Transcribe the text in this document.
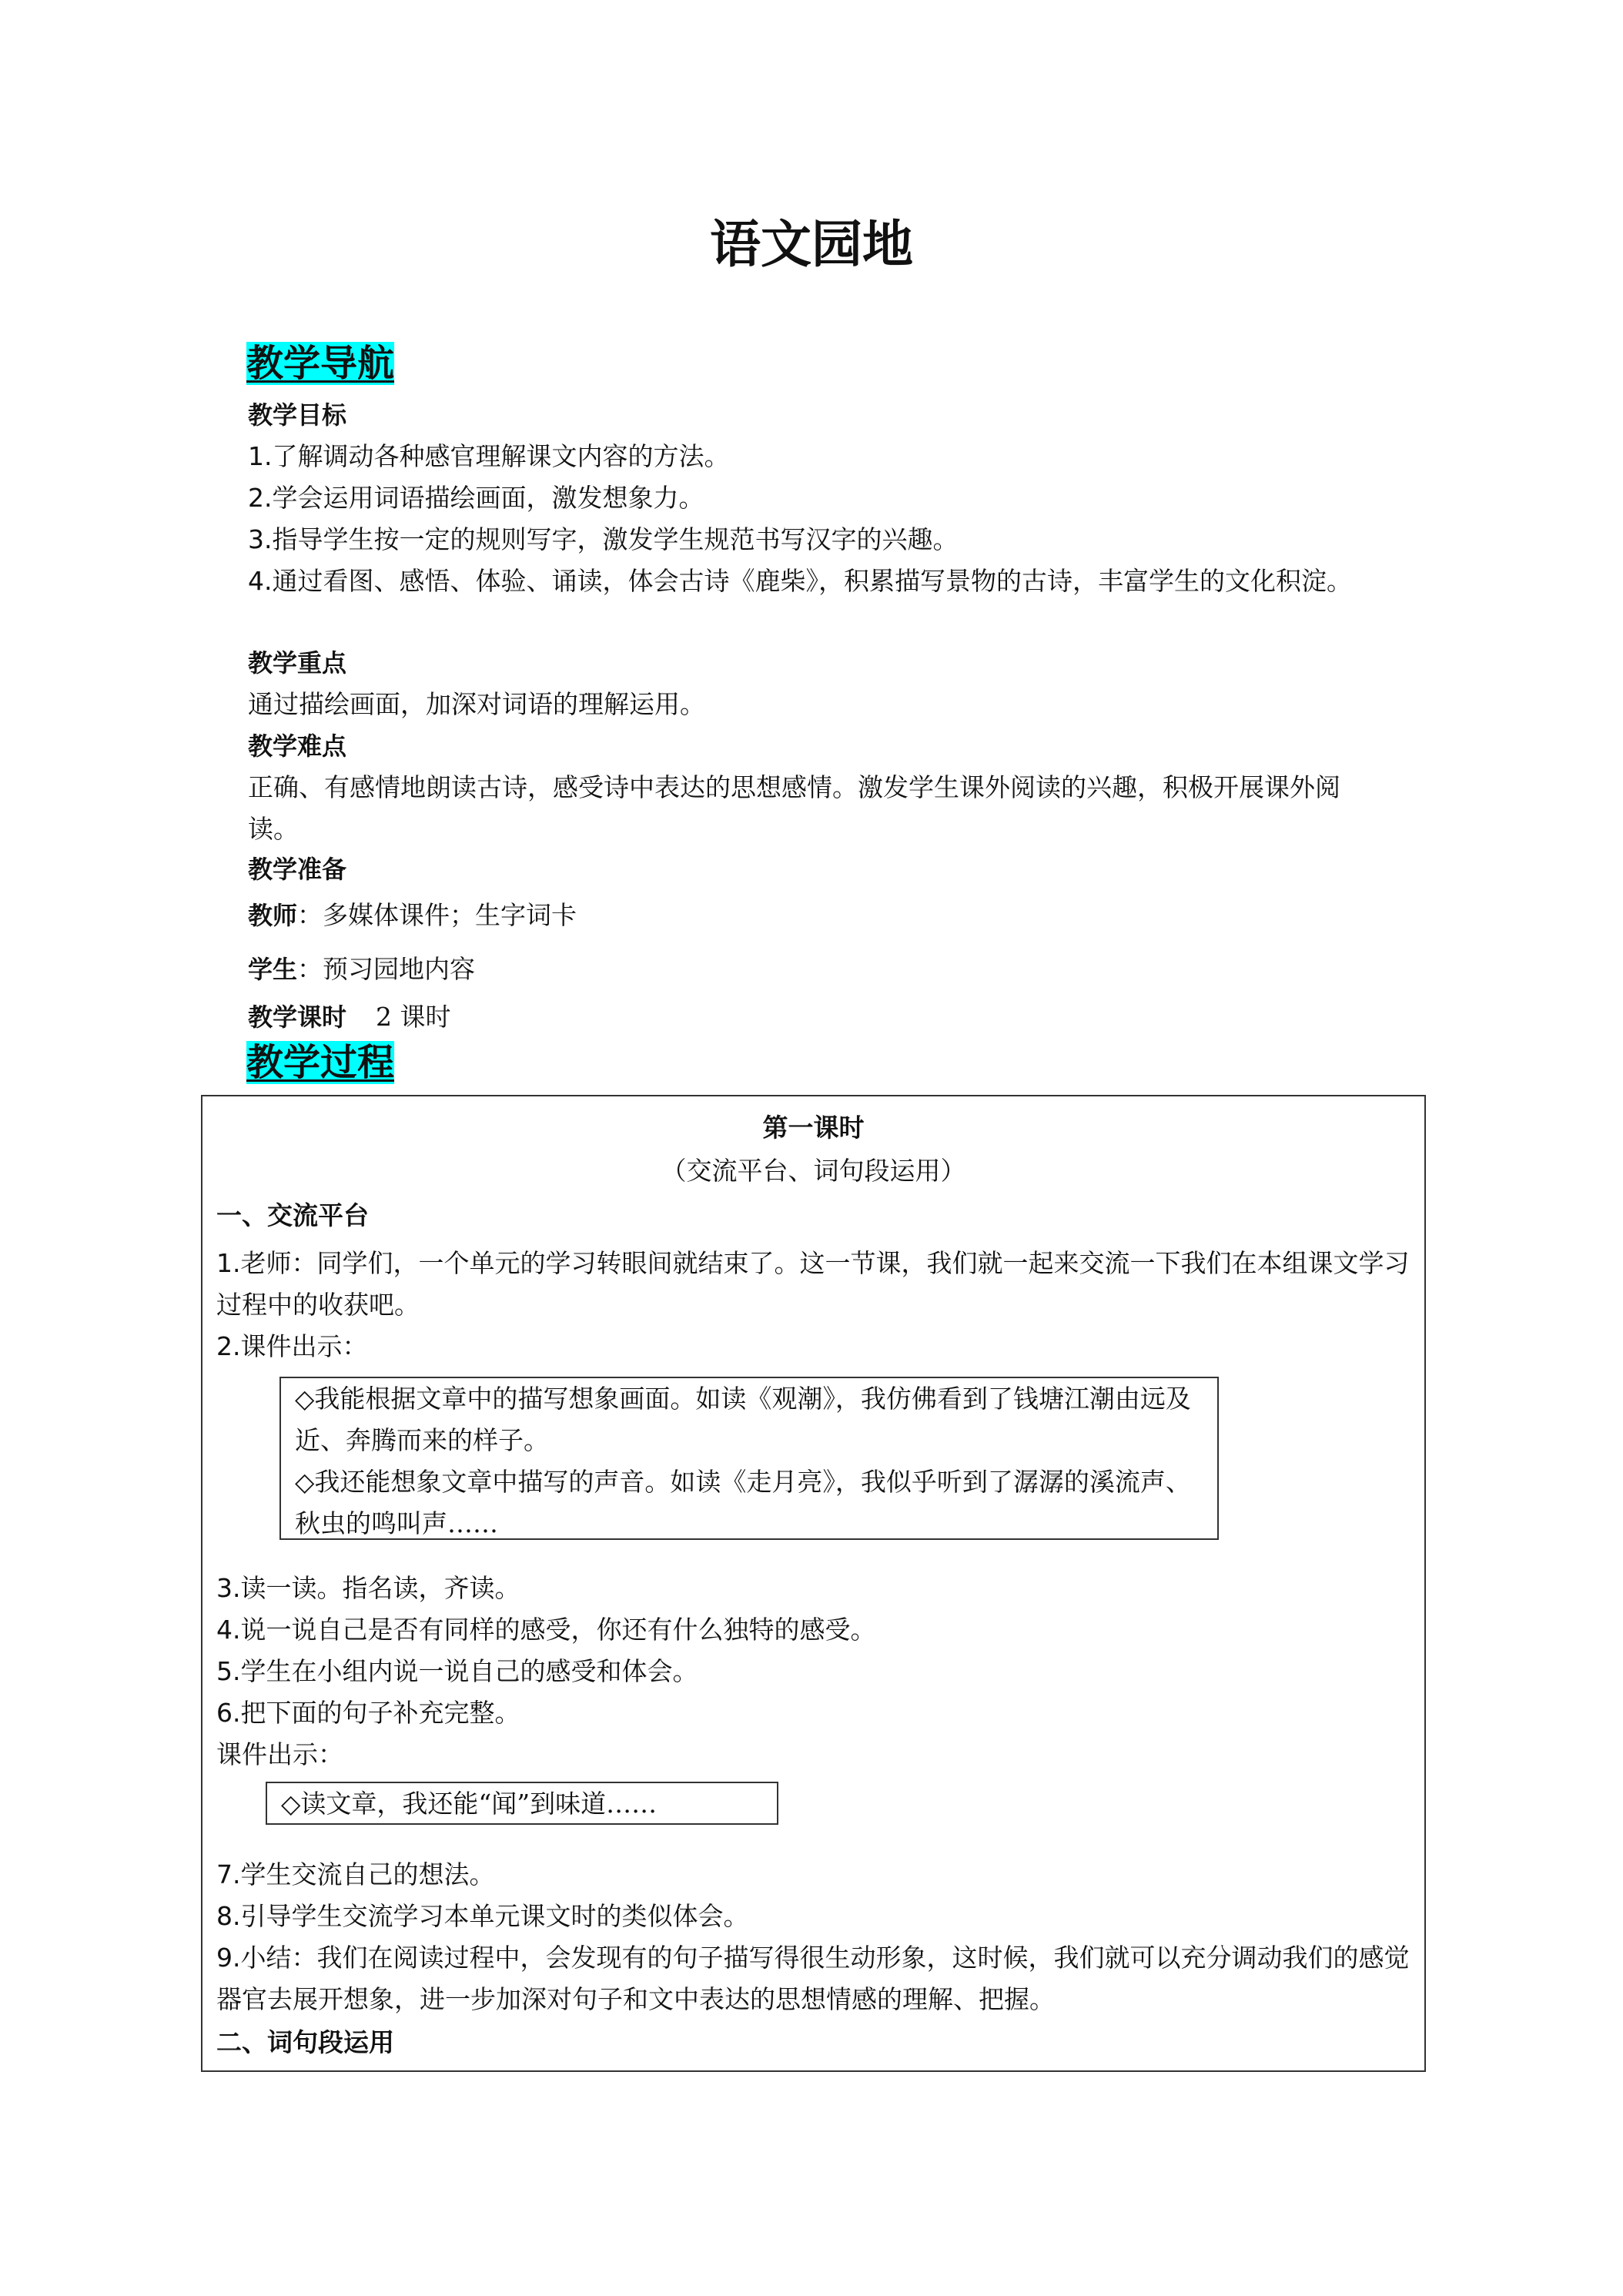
语文园地
教学导航
教学目标
1.了解调动各种感官理解课文内容的方法。
2.学会运用词语描绘画面，激发想象力。
3.指导学生按一定的规则写字，激发学生规范书写汉字的兴趣。
4.通过看图、感悟、体验、诵读，体会古诗《鹿柴》，积累描写景物的古诗，丰富学生的文化积淀。
教学重点
通过描绘画面，加深对词语的理解运用。
教学难点
正确、有感情地朗读古诗，感受诗中表达的思想感情。激发学生课外阅读的兴趣，积极开展课外阅读。
教学准备
教师：多媒体课件；生字词卡
学生：预习园地内容
教学课时 2 课时
教学过程
第一课时
（交流平台、词句段运用）
一、交流平台
1.老师：同学们，一个单元的学习转眼间就结束了。这一节课，我们就一起来交流一下我们在本组课文学习过程中的收获吧。
2.课件出示：
◇我能根据文章中的描写想象画面。如读《观潮》，我仿佛看到了钱塘江潮由远及近、奔腾而来的样子。
◇我还能想象文章中描写的声音。如读《走月亮》，我似乎听到了潺潺的溪流声、秋虫的鸣叫声……
3.读一读。指名读，齐读。
4.说一说自己是否有同样的感受，你还有什么独特的感受。
5.学生在小组内说一说自己的感受和体会。
6.把下面的句子补充完整。
课件出示：
◇读文章，我还能“闻”到味道……
7.学生交流自己的想法。
8.引导学生交流学习本单元课文时的类似体会。
9.小结：我们在阅读过程中，会发现有的句子描写得很生动形象，这时候，我们就可以充分调动我们的感觉器官去展开想象，进一步加深对句子和文中表达的思想情感的理解、把握。
二、词句段运用
